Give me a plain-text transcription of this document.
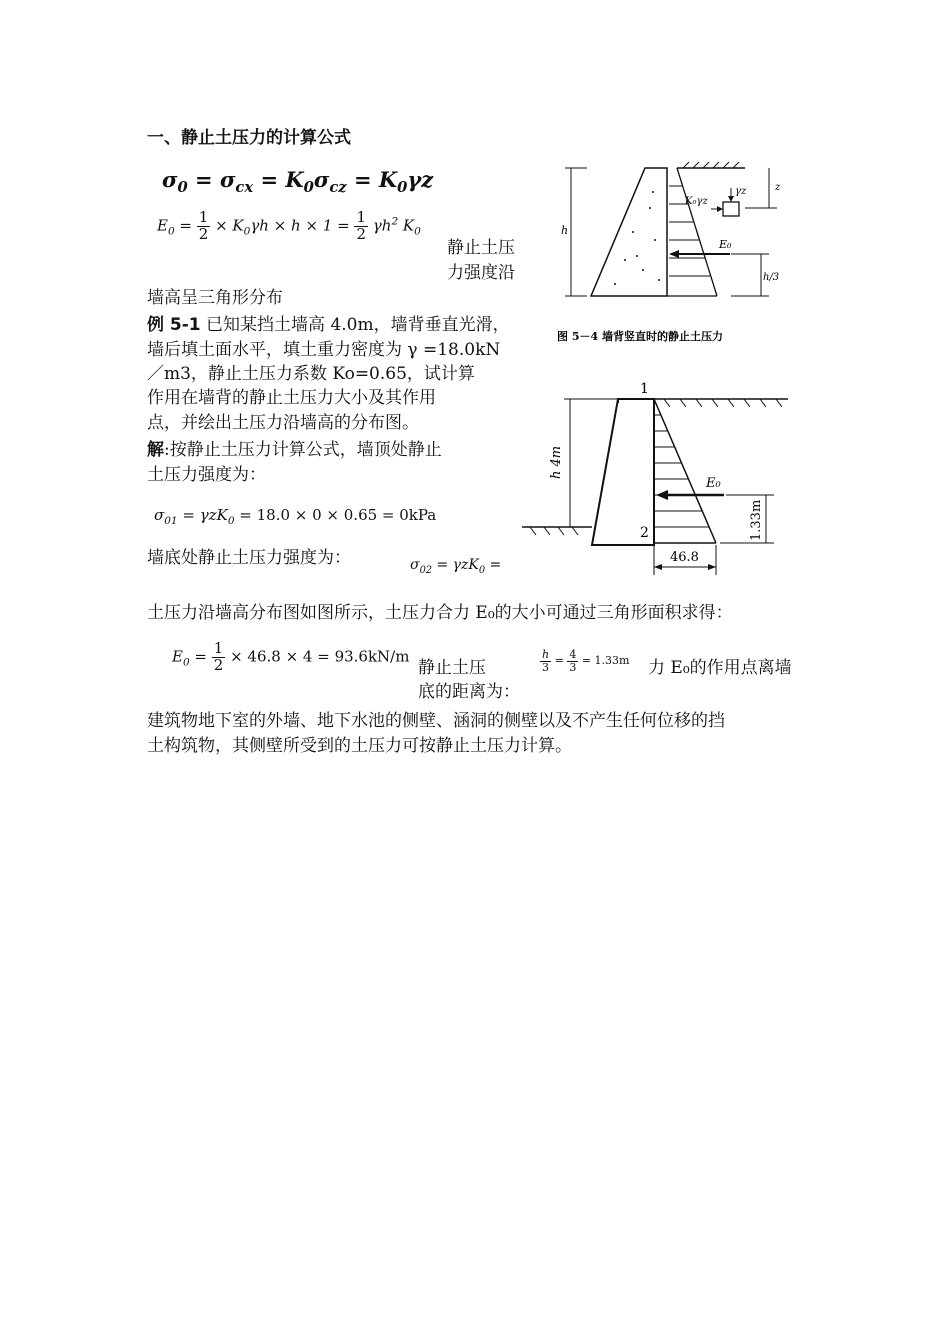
一、静止土压力的计算公式
$\sigma_0 = \sigma_{cx} = K_0\sigma_{cz} = K_0\gamma z$
$E_0 = \frac{1}{2} \times K_0\gamma h \times h \times 1 = \frac{1}{2} \gamma h^2$ $K_0$
静止土压
力强度沿
墙高呈三角形分布
例 5-1 已知某挡土墙高 4.0m，墙背垂直光滑，
墙后填土面水平，填土重力密度为 γ =18.0kN
／m3，静止土压力系数 Ko=0.65，试计算
作用在墙背的静止土压力大小及其作用
点，并绘出土压力沿墙高的分布图。
解:按静止土压力计算公式，墙顶处静止
土压力强度为：
$\sigma_{01} = \gamma zK_0 = 18.0 \times 0 \times 0.65 = 0kPa$
墙底处静止土压力强度为：	$\sigma_{02} = \gamma zK_0$ =
土压力沿墙高分布图如图所示，土压力合力 E₀的大小可通过三角形面积求得：
$E_0 = \frac{1}{2} \times 46.8 \times 4 = 93.6kN/m$
静止土压
底的距离为：
$\frac{h}{3} = \frac{4}{3} = 1.33m$ 力 E₀的作用点离墙
建筑物地下室的外墙、地下水池的侧壁、涵洞的侧壁以及不产生任何位移的挡
土构筑物，其侧壁所受到的土压力可按静止土压力计算。
E₀
K₀γz
γz
h
z
h/3
图 5－4 墙背竖直时的静止土压力
E₀
1
2
h 4m
1.33m
46.8
